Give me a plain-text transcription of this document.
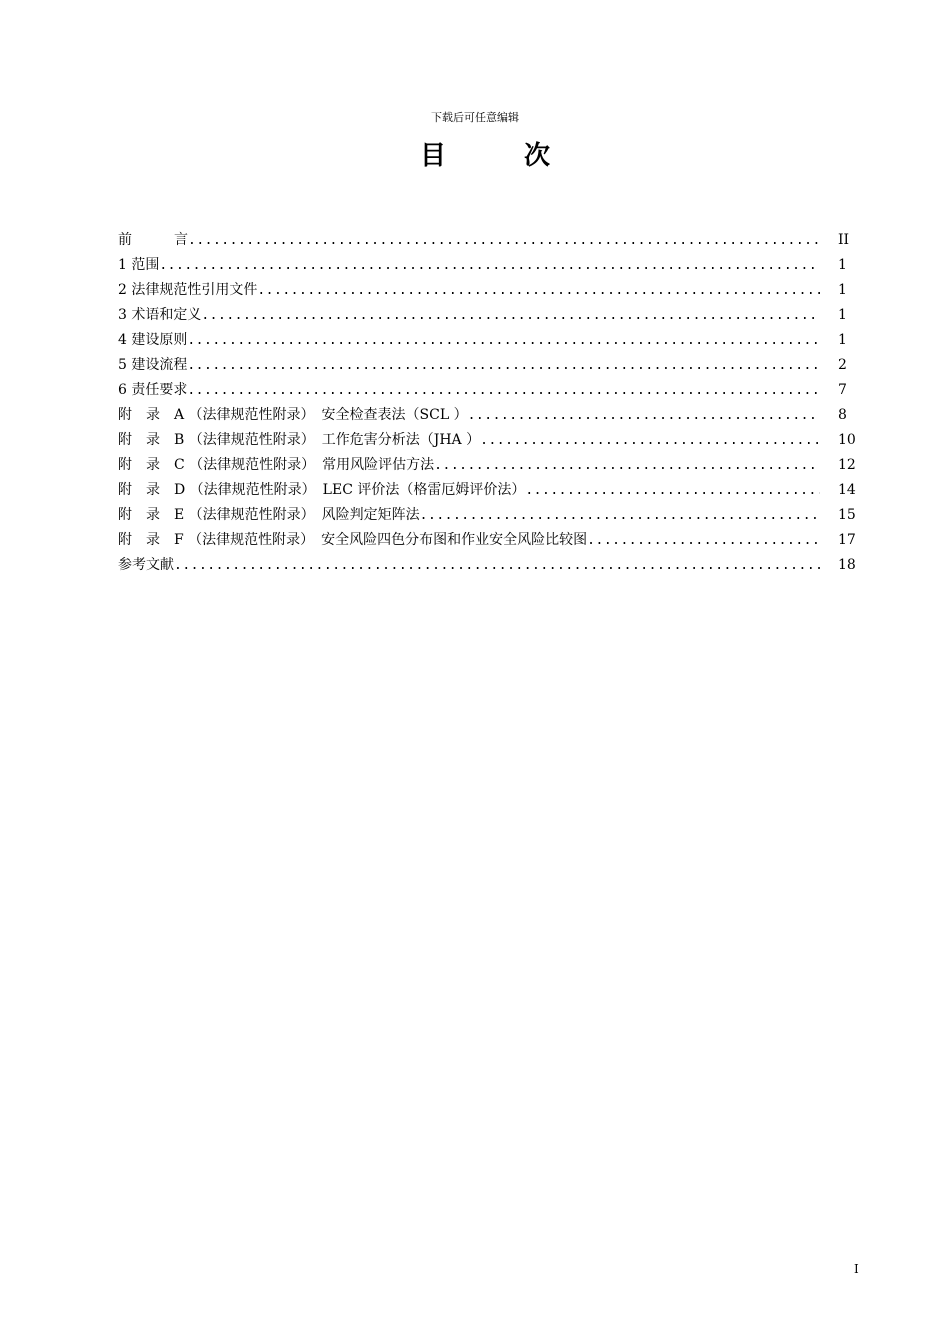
下载后可任意编辑
目	次
前　　　言 .....	II
1 范围 .....	1
2 法律规范性引用文件 .....	1
3 术语和定义 .....	1
4 建设原则 .....	1
5 建设流程 .....	2
6 责任要求 .....	7
附　录　A （法律规范性附录）　安全检查表法（SCL ） .....	8
附　录　B （法律规范性附录）　工作危害分析法（JHA ） .....	10
附　录　C （法律规范性附录）　常用风险评估方法 .....	12
附　录　D （法律规范性附录）　LEC 评价法（格雷厄姆评价法） .....	14
附　录　E （法律规范性附录）　风险判定矩阵法 .....	15
附　录　F （法律规范性附录）　安全风险四色分布图和作业安全风险比较图 .....	17
参考文献 .....	18
I
